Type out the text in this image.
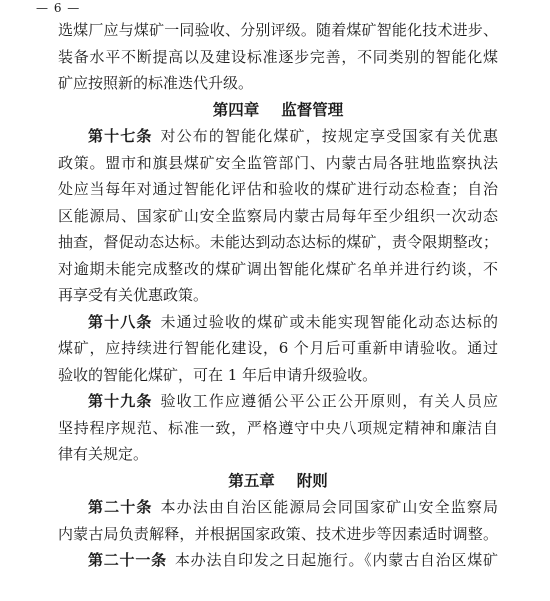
— 6 —
选煤厂应与煤矿一同验收、分别评级。随着煤矿智能化技术进步、
装备水平不断提高以及建设标准逐步完善，不同类别的智能化煤
矿应按照新的标准迭代升级。
第四章 监督管理
第十七条 对公布的智能化煤矿，按规定享受国家有关优惠
政策。盟市和旗县煤矿安全监管部门、内蒙古局各驻地监察执法
处应当每年对通过智能化评估和验收的煤矿进行动态检查；自治
区能源局、国家矿山安全监察局内蒙古局每年至少组织一次动态
抽查，督促动态达标。未能达到动态达标的煤矿，责令限期整改；
对逾期未能完成整改的煤矿调出智能化煤矿名单并进行约谈，不
再享受有关优惠政策。
第十八条 未通过验收的煤矿或未能实现智能化动态达标的
煤矿，应持续进行智能化建设，6 个月后可重新申请验收。通过
验收的智能化煤矿，可在 1 年后申请升级验收。
第十九条 验收工作应遵循公平公正公开原则，有关人员应
坚持程序规范、标准一致，严格遵守中央八项规定精神和廉洁自
律有关规定。
第五章 附则
第二十条 本办法由自治区能源局会同国家矿山安全监察局
内蒙古局负责解释，并根据国家政策、技术进步等因素适时调整。
第二十一条 本办法自印发之日起施行。《内蒙古自治区煤矿
